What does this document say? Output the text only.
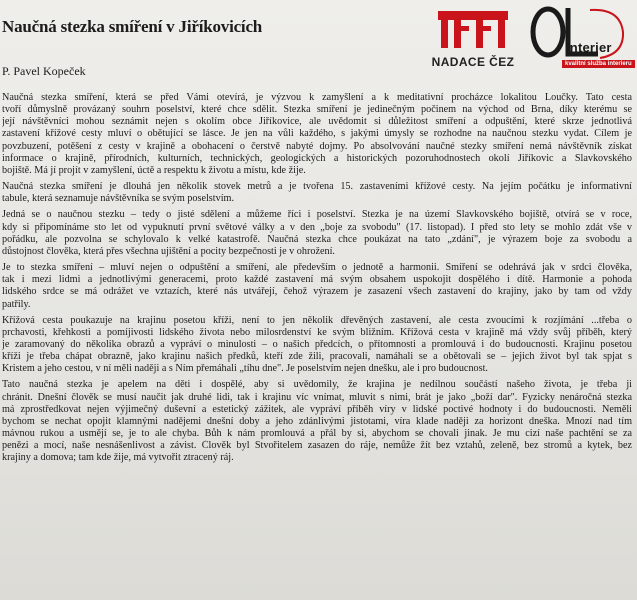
Naučná stezka smíření v Jiříkovicích
P. Pavel Kopeček
NADACE ČEZ
Interier
kvalitní služba interieru
Naučná stezka smíření, která se před Vámi otevírá, je výzvou k zamyšlení a k meditativní procházce lokalitou Loučky. Tato cesta
tvoří důmyslně provázaný souhrn poselství, které chce sdělit. Stezka smíření je jedinečným počinem na východ od Brna, díky kterému se
její návštěvníci mohou seznámit nejen s okolím obce Jiříkovice, ale uvědomit si důležitost smíření a odpuštění, které skrze jednotlivá
zastavení křížové cesty mluví o obětující se lásce. Je jen na vůli každého, s jakými úmysly se rozhodne na naučnou stezku vydat. Cílem je
povzbuzení, potěšení z cesty v krajině a obohacení o čerstvě nabyté dojmy. Po absolvování naučné stezky smíření nemá návštěvník získat
informace o krajině, přírodních, kulturních, technických, geologických a historických pozoruhodnostech okolí Jiříkovic a Slavkovského
bojiště. Má jí projít v zamyšlení, úctě a respektu k životu a místu, kde žije.
Naučná stezka smíření je dlouhá jen několik stovek metrů a je tvořena 15. zastaveními křížové cesty. Na jejím počátku je informativní
tabule, která seznamuje návštěvníka se svým poselstvím.
Jedná se o naučnou stezku – tedy o jisté sdělení a můžeme říci i poselství. Stezka je na území Slavkovského bojiště, otvírá se v roce,
kdy si připomínáme sto let od vypuknutí první světové války a v den „boje za svobodu" (17. listopad). I před sto lety se mohlo zdát vše v
pořádku, ale pozvolna se schylovalo k velké katastrofě. Naučná stezka chce poukázat na tato „zdání", je výrazem boje za svobodu a
důstojnost člověka, která přes všechna ujištění a pocity bezpečnosti je v ohrožení.
Je to stezka smíření – mluví nejen o odpuštění a smíření, ale především o jednotě a harmonii. Smíření se odehrává jak v srdci člověka,
tak i mezi lidmi a jednotlivými generacemi, proto každé zastavení má svým obsahem uspokojit dospělého i dítě. Harmonie a pohoda
lidského srdce se má odrážet ve vztazích, které nás utvářejí, čehož výrazem je zasazení všech zastavení do krajiny, jako by tam od vždy
patřily.
Křížová cesta poukazuje na krajinu posetou kříži, není to jen několik dřevěných zastavení, ale cesta zvoucími k rozjímání ...třeba o
prchavosti, křehkosti a pomíjivosti lidského života nebo milosrdenství ke svým bližním. Křížová cesta v krajině má vždy svůj příběh, který
je zaramovaný do několika obrazů a vypráví o minulosti – o našich předcích, o přítomnosti a promlouvá i do budoucnosti. Krajinu posetou
kříži je třeba chápat obrazně, jako krajinu našich předků, kteří zde žili, pracovali, namáhali se a obětovali se – jejich život byl tak spjat s
Kristem a jeho cestou, v ní měli naději a s Ním přemáhali „tíhu dne". Je poselstvím nejen dnešku, ale i pro budoucnost.
Tato naučná stezka je apelem na děti i dospělé, aby si uvědomily, že krajina je nedílnou součástí našeho života, je třeba ji
chránit. Dnešní člověk se musí naučit jak druhé lidi, tak i krajinu víc vnímat, mluvit s nimi, brát je jako „boží dar". Fyzicky nenáročná stezka
má zprostředkovat nejen výjimečný duševní a estetický zážitek, ale vypráví příběh víry v lidské poctivé hodnoty i do budoucnosti. Neměli
bychom se nechat opojit klamnými nadějemi dnešní doby a jeho zdánlivými jistotami, víra klade naději za horizont dneška. Mnozí nad tím
mávnou rukou a usmějí se, je to ale chyba. Bůh k nám promlouvá a přál by si, abychom se chovali jinak. Je mu cizí naše pachtění se za
penězi a mocí, naše nesnášenlivost a závist. Člověk byl Stvořitelem zasazen do ráje, nemůže žít bez vztahů, zeleně, bez stromů a kytek, bez
krajiny a domova; tam kde žije, má vytvořit ztracený ráj.
